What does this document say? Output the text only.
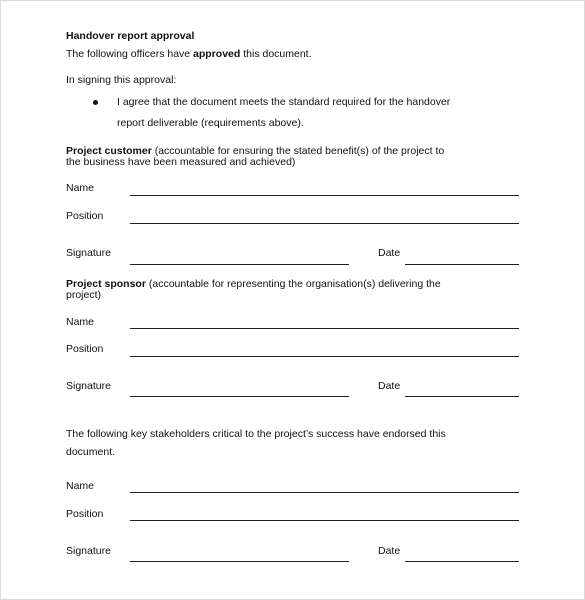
Handover report approval
The following officers have approved this document.
In signing this approval:
I agree that the document meets the standard required for the handover
report deliverable (requirements above).
Project customer (accountable for ensuring the stated benefit(s) of the project to
the business have been measured and achieved)
Name
Position
Signature	Date
Project sponsor (accountable for representing the organisation(s) delivering the
project)
Name
Position
Signature	Date
The following key stakeholders critical to the project’s success have endorsed this
document.
Name
Position
Signature	Date
